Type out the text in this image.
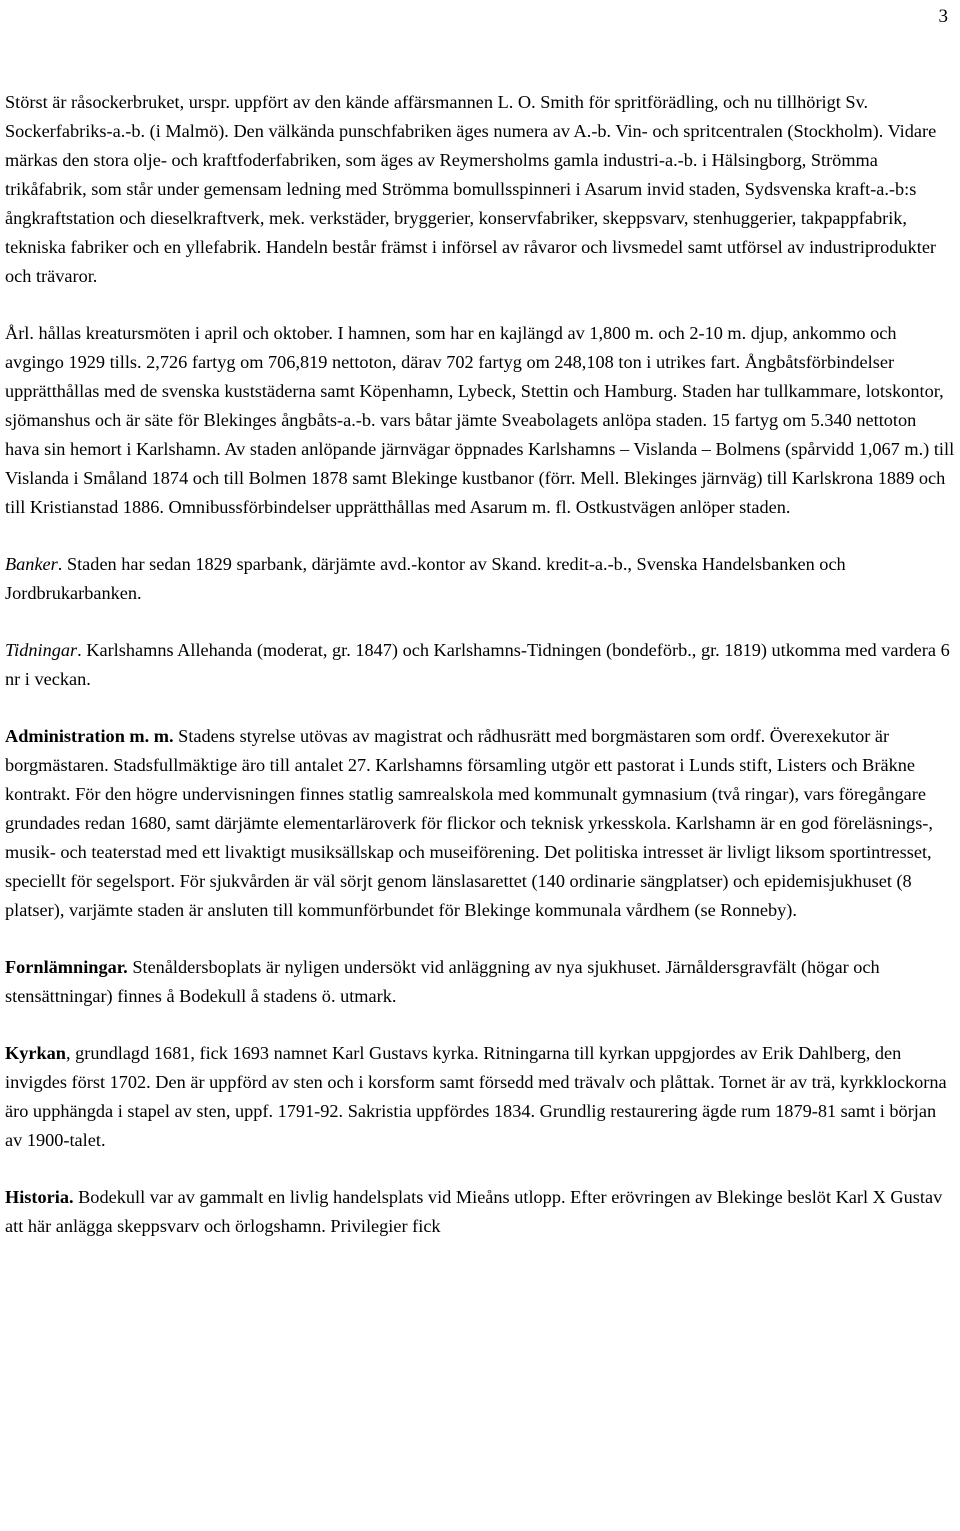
3

Störst är råsockerbruket, urspr. uppfört av den kände affärsmannen L. O. Smith för spritförädling, och nu tillhörigt Sv. Sockerfabriks-a.-b. (i Malmö). Den välkända punschfabriken äges numera av A.-b. Vin- och spritcentralen (Stockholm). Vidare märkas den stora olje- och kraftfoderfabriken, som äges av Reymersholms gamla industri-a.-b. i Hälsingborg, Strömma trikåfabrik, som står under gemensam ledning med Strömma bomullsspinneri i Asarum invid staden, Sydsvenska kraft-a.-b:s ångkraftstation och dieselkraftverk, mek. verkstäder, bryggerier, konservfabriker, skeppsvarv, stenhuggerier, takpappfabrik, tekniska fabriker och en yllefabrik. Handeln består främst i införsel av råvaror och livsmedel samt utförsel av industriprodukter och trävaror.

Årl. hållas kreatursmöten i april och oktober. I hamnen, som har en kajlängd av 1,800 m. och 2-10 m. djup, ankommo och avgingo 1929 tills. 2,726 fartyg om 706,819 nettoton, därav 702 fartyg om 248,108 ton i utrikes fart. Ångbåtsförbindelser upprätthållas med de svenska kuststäderna samt Köpenhamn, Lybeck, Stettin och Hamburg. Staden har tullkammare, lotskontor, sjömanshus och är säte för Blekinges ångbåts-a.-b. vars båtar jämte Sveabolagets anlöpa staden. 15 fartyg om 5.340 nettoton hava sin hemort i Karlshamn. Av staden anlöpande järnvägar öppnades Karlshamns – Vislanda – Bolmens (spårvidd 1,067 m.) till Vislanda i Småland 1874 och till Bolmen 1878 samt Blekinge kustbanor (förr. Mell. Blekinges järnväg) till Karlskrona 1889 och till Kristianstad 1886. Omnibussförbindelser upprätthållas med Asarum m. fl. Ostkustvägen anlöper staden.

Banker. Staden har sedan 1829 sparbank, därjämte avd.-kontor av Skand. kredit-a.-b., Svenska Handelsbanken och Jordbrukarbanken.

Tidningar. Karlshamns Allehanda (moderat, gr. 1847) och Karlshamns-Tidningen (bondeförb., gr. 1819) utkomma med vardera 6 nr i veckan.

Administration m. m. Stadens styrelse utövas av magistrat och rådhusrätt med borgmästaren som ordf. Överexekutor är borgmästaren. Stadsfullmäktige äro till antalet 27. Karlshamns församling utgör ett pastorat i Lunds stift, Listers och Bräkne kontrakt. För den högre undervisningen finnes statlig samrealskola med kommunalt gymnasium (två ringar), vars föregångare grundades redan 1680, samt därjämte elementarläroverk för flickor och teknisk yrkesskola. Karlshamn är en god föreläsnings-, musik- och teaterstad med ett livaktigt musiksällskap och museiförening. Det politiska intresset är livligt liksom sportintresset, speciellt för segelsport. För sjukvården är väl sörjt genom länslasarettet (140 ordinarie sängplatser) och epidemisjukhuset (8 platser), varjämte staden är ansluten till kommunförbundet för Blekinge kommunala vårdhem (se Ronneby).

Fornlämningar. Stenåldersboplats är nyligen undersökt vid anläggning av nya sjukhuset. Järnåldersgravfält (högar och stensättningar) finnes å Bodekull å stadens ö. utmark.

Kyrkan, grundlagd 1681, fick 1693 namnet Karl Gustavs kyrka. Ritningarna till kyrkan uppgjordes av Erik Dahlberg, den invigdes först 1702. Den är uppförd av sten och i korsform samt försedd med trävalv och plåttak. Tornet är av trä, kyrkklockorna äro upphängda i stapel av sten, uppf. 1791-92. Sakristia uppfördes 1834. Grundlig restaurering ägde rum 1879-81 samt i början av 1900-talet.

Historia. Bodekull var av gammalt en livlig handelsplats vid Mieåns utlopp. Efter erövringen av Blekinge beslöt Karl X Gustav att här anlägga skeppsvarv och örlogshamn. Privilegier fick
